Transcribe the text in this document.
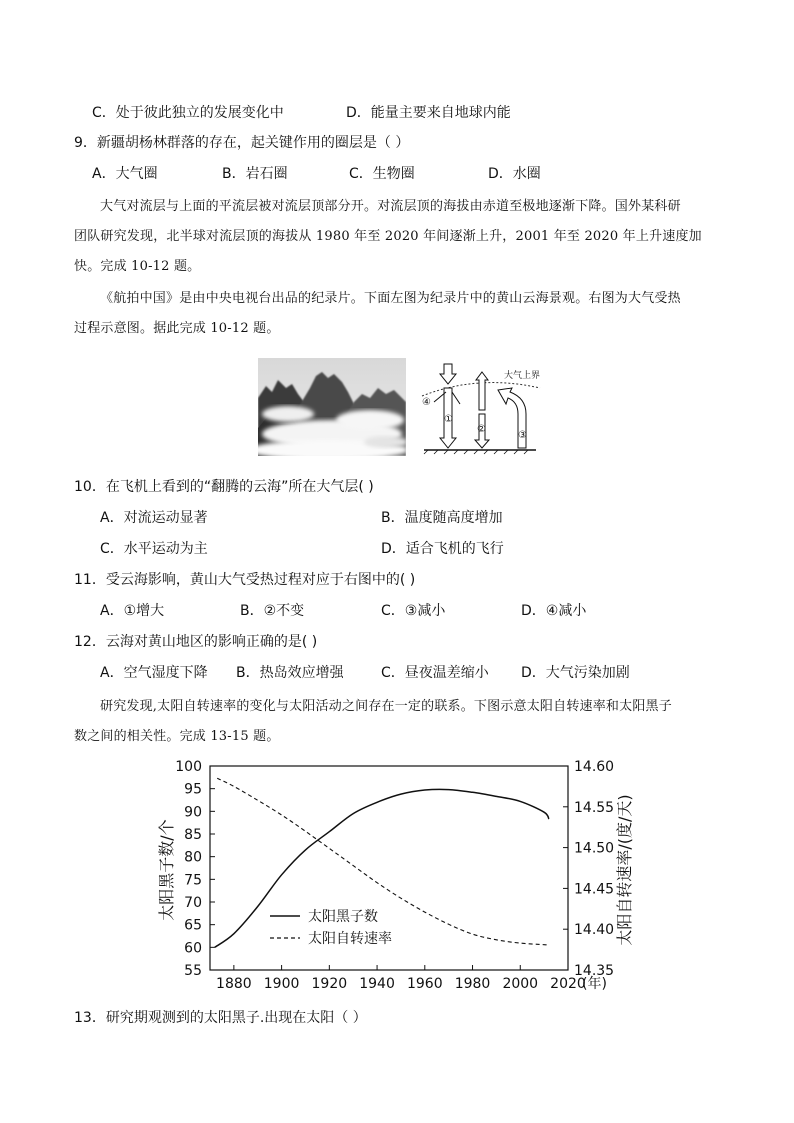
C．处于彼此独立的发展变化中	D．能量主要来自地球内能
9．新疆胡杨林群落的存在，起关键作用的圈层是（ ）
A．大气圈	B．岩石圈	C．生物圈	D．水圈
大气对流层与上面的平流层被对流层顶部分开。对流层顶的海拔由赤道至极地逐渐下降。国外某科研
团队研究发现，北半球对流层顶的海拔从 1980 年至 2020 年间逐渐上升，2001 年至 2020 年上升速度加
快。完成 10-12 题。
《航拍中国》是由中央电视台出品的纪录片。下面左图为纪录片中的黄山云海景观。右图为大气受热
过程示意图。据此完成 10-12 题。
大气上界
①
④
②
③
10．在飞机上看到的“翻腾的云海”所在大气层( )
A．对流运动显著	B．温度随高度增加
C．水平运动为主	D．适合飞机的飞行
11．受云海影响，黄山大气受热过程对应于右图中的( )
A．①增大	B．②不变	C．③减小	D．④减小
12．云海对黄山地区的影响正确的是( )
A．空气湿度下降 B．热岛效应增强	C．昼夜温差缩小 D．大气污染加剧
研究发现,太阳自转速率的变化与太阳活动之间存在一定的联系。下图示意太阳自转速率和太阳黑子
数之间的相关性。完成 13-15 题。
1880 1900 1920 1940 1960 1980 2000 2020
55
60
65
70
75
80
85
90
95
100
14.35
14.40
14.45
14.50
14.55
14.60
太阳黑子数/个	太阳自转速率/(度/天)
(年)
太阳黑子数
太阳自转速率
13．研究期观测到的太阳黑子.出现在太阳（ ）
